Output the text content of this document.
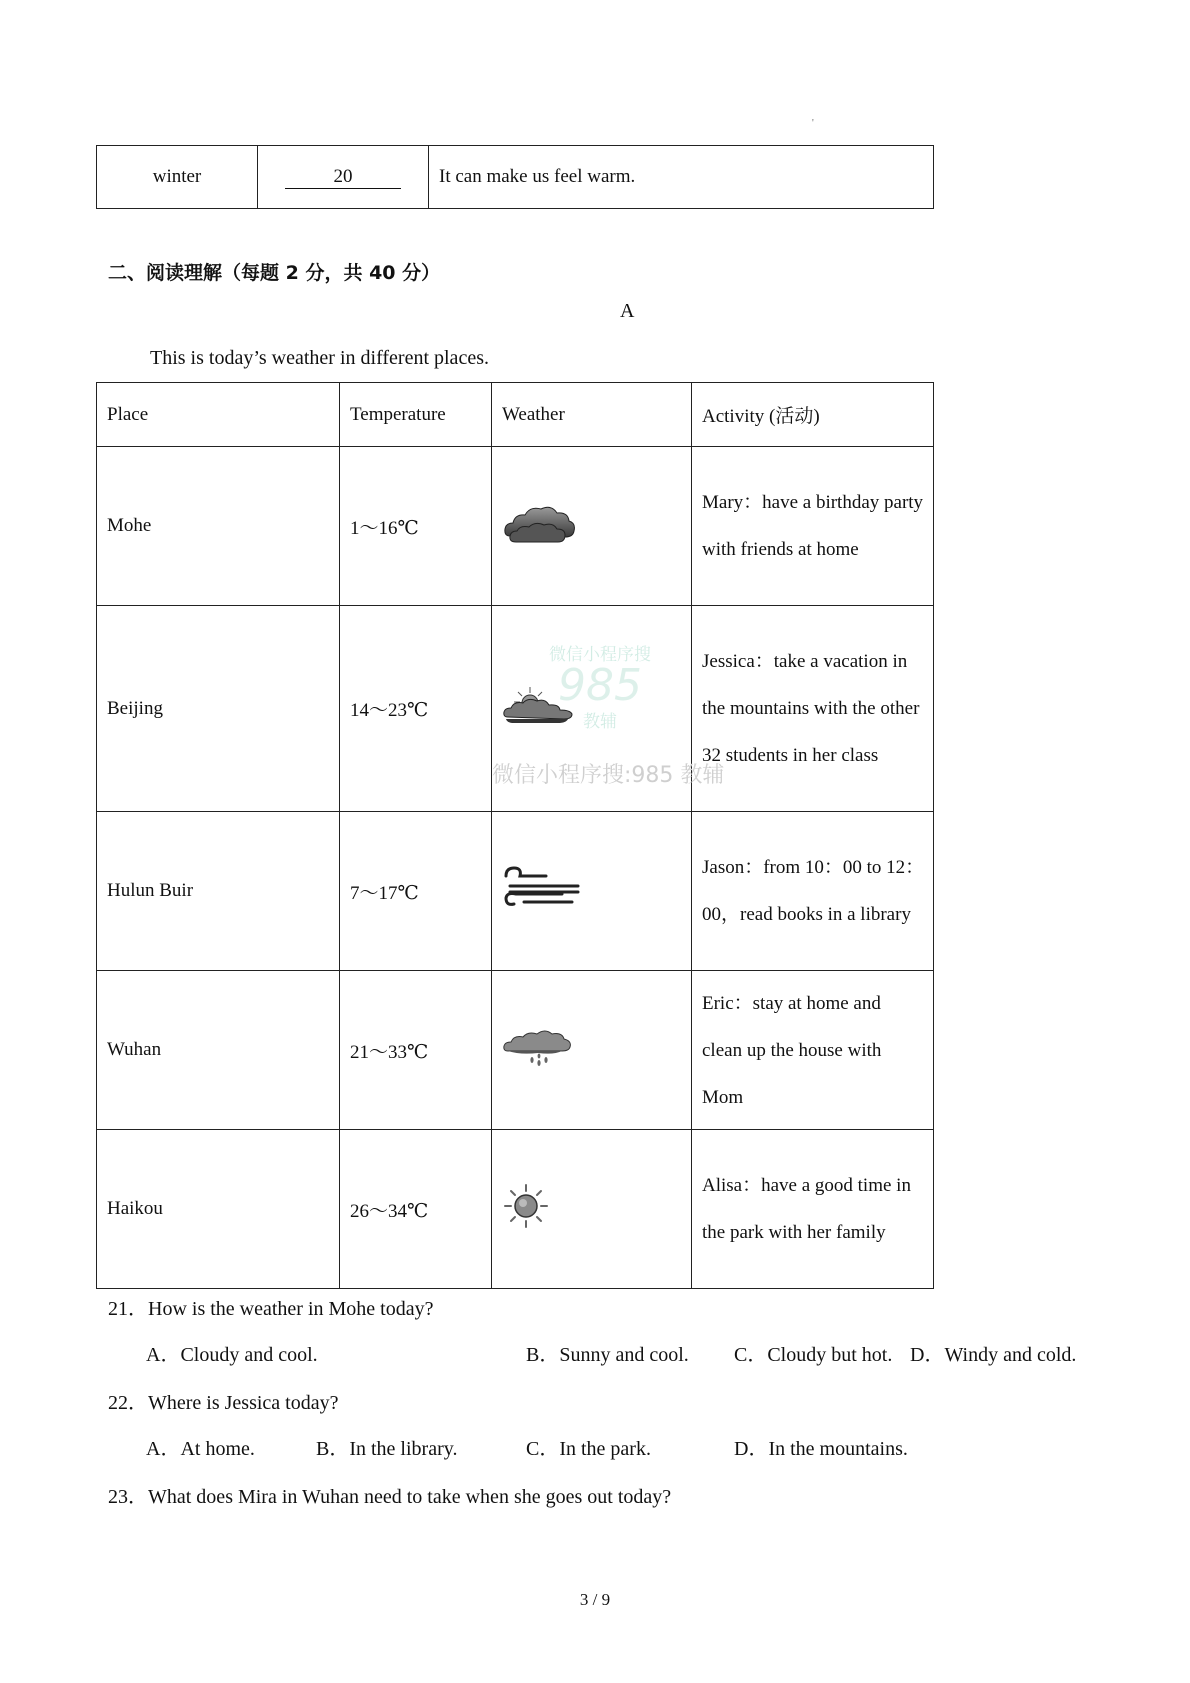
'
winter	20	It can make us feel warm.
二、阅读理解（每题 2 分，共 40 分）
A
This is today’s weather in different places.
Place	Temperature	Weather	Activity (活动)
Mohe	1～16℃		Mary：have a birthday party with friends at home
Beijing	14～23℃		Jessica：take a vacation in the mountains with the other 32 students in her class
Hulun Buir	7～17℃		Jason：from 10：00 to 12：00，read books in a library
Wuhan	21～33℃		Eric：stay at home and clean up the house with Mom
Haikou	26～34℃		Alisa：have a good time in the park with her family
微信小程序搜
985
教辅
微信小程序搜:985 教辅
21．How is the weather in Mohe today?
A．Cloudy and cool.	B．Sunny and cool. C．Cloudy but hot. D．Windy and cold.
22．Where is Jessica today?
A．At home.	B．In the library.	C．In the park.	D．In the mountains.
23．What does Mira in Wuhan need to take when she goes out today?
3 / 9
